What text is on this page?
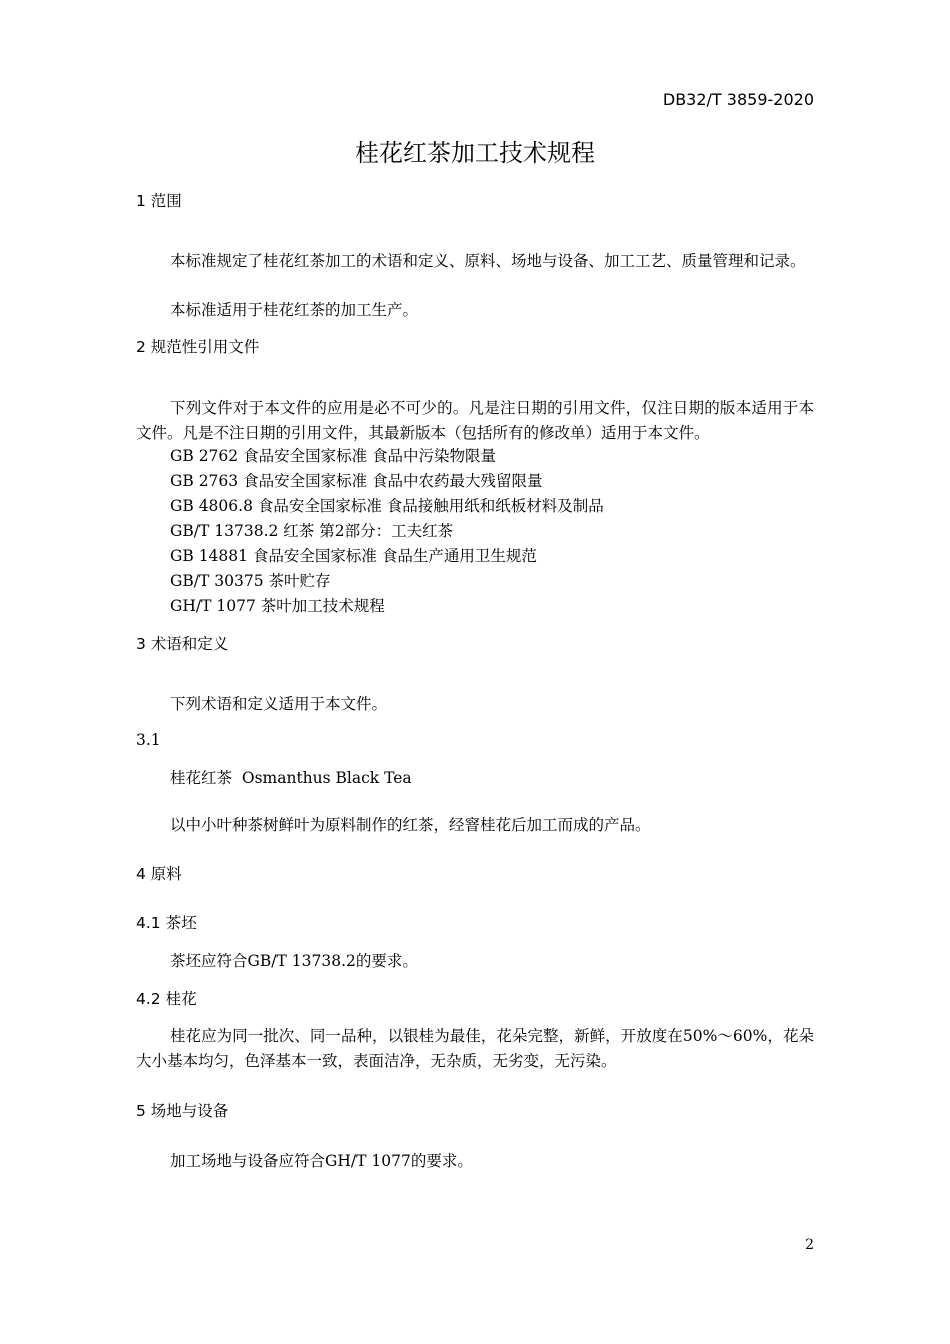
DB32/T 3859-2020
桂花红茶加工技术规程
1 范围
本标准规定了桂花红茶加工的术语和定义、原料、场地与设备、加工工艺、质量管理和记录。
本标准适用于桂花红茶的加工生产。
2 规范性引用文件
下列文件对于本文件的应用是必不可少的。凡是注日期的引用文件，仅注日期的版本适用于本文件。凡是不注日期的引用文件，其最新版本（包括所有的修改单）适用于本文件。
GB 2762 食品安全国家标准 食品中污染物限量
GB 2763 食品安全国家标准 食品中农药最大残留限量
GB 4806.8 食品安全国家标准 食品接触用纸和纸板材料及制品
GB/T 13738.2 红茶 第2部分：工夫红茶
GB 14881 食品安全国家标准 食品生产通用卫生规范
GB/T 30375 茶叶贮存
GH/T 1077 茶叶加工技术规程
3 术语和定义
下列术语和定义适用于本文件。
3.1
桂花红茶 Osmanthus Black Tea
以中小叶种茶树鲜叶为原料制作的红茶，经窨桂花后加工而成的产品。
4 原料
4.1 茶坯
茶坯应符合GB/T 13738.2的要求。
4.2 桂花
桂花应为同一批次、同一品种，以银桂为最佳，花朵完整，新鲜，开放度在50%～60%，花朵大小基本均匀，色泽基本一致，表面洁净，无杂质，无劣变，无污染。
5 场地与设备
加工场地与设备应符合GH/T 1077的要求。
2
